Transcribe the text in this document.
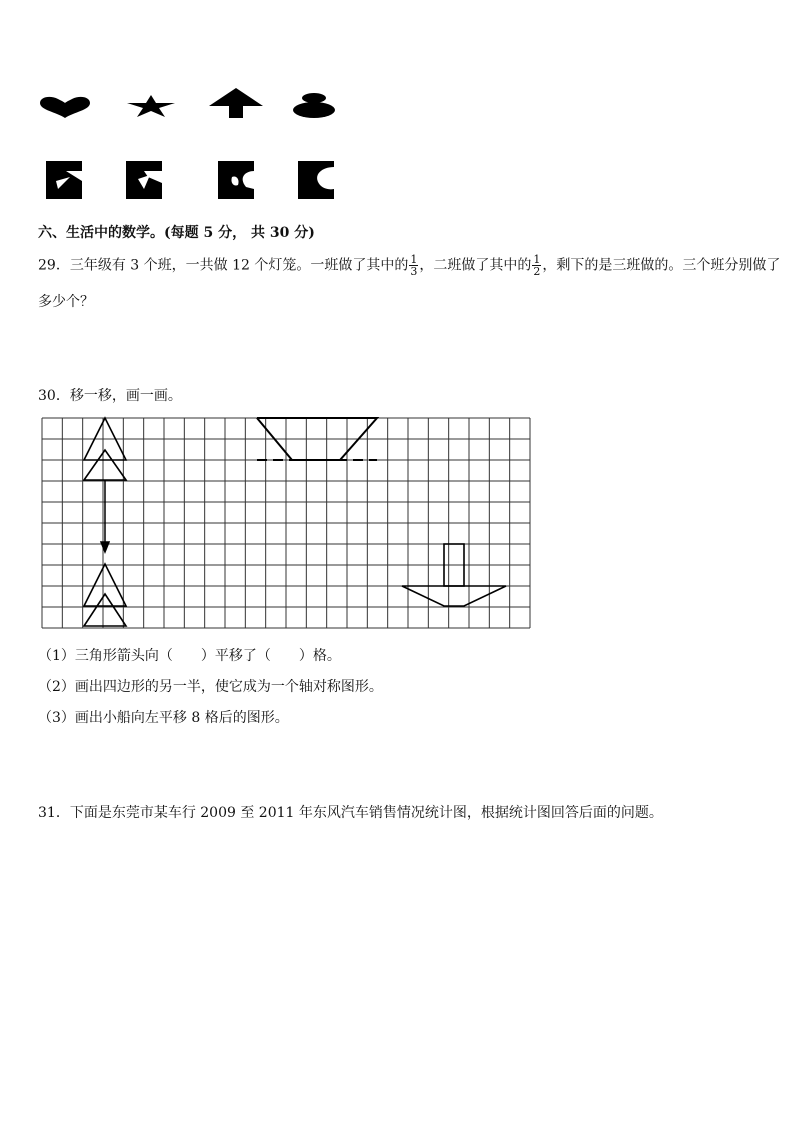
六、生活中的数学。(每题 5 分， 共 30 分)
29．三年级有 3 个班，一共做 12 个灯笼。一班做了其中的 $\frac{1}{3}$ ，二班做了其中的 $\frac{1}{2}$ ，剩下的是三班做的。三个班分别做了
多少个？
30．移一移，画一画。
（1）三角形箭头向（　　）平移了（　　）格。
（2）画出四边形的另一半，使它成为一个轴对称图形。
（3）画出小船向左平移 8 格后的图形。
31．下面是东莞市某车行 2009 至 2011 年东风汽车销售情况统计图，根据统计图回答后面的问题。
